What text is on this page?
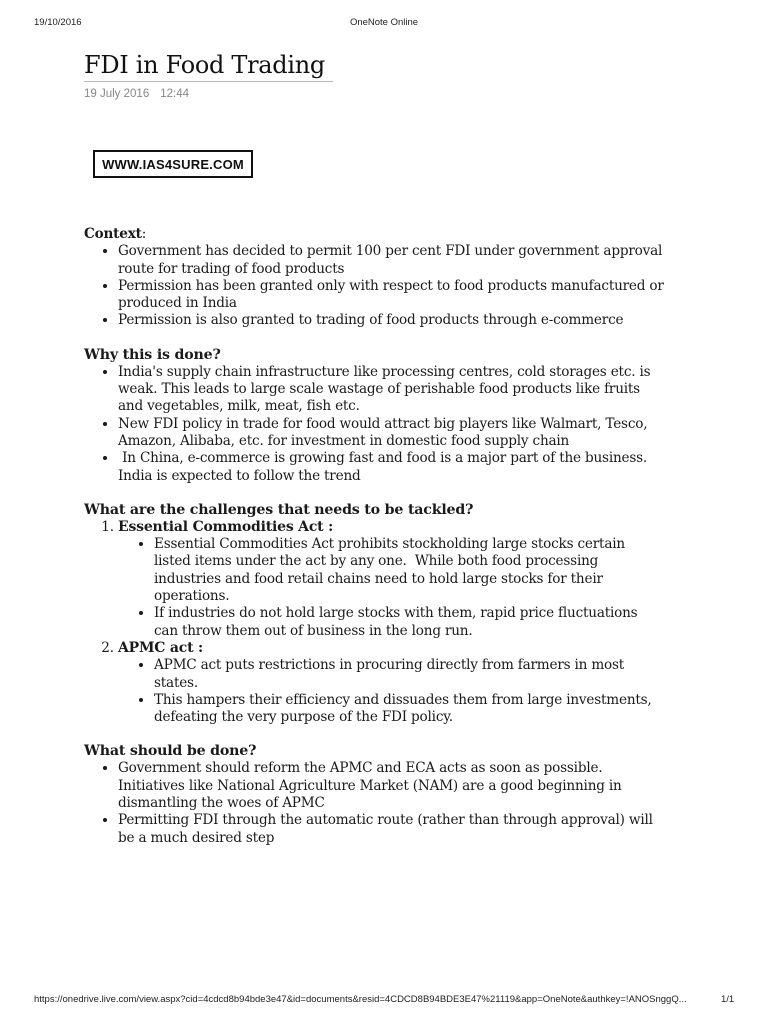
19/10/2016	OneNote Online
FDI in Food Trading
19 July 2016 12:44
WWW.IAS4SURE.COM
Context:
• Government has decided to permit 100 per cent FDI under government approval route for trading of food products
• Permission has been granted only with respect to food products manufactured or produced in India
• Permission is also granted to trading of food products through e-commerce
Why this is done?
• India's supply chain infrastructure like processing centres, cold storages etc. is weak. This leads to large scale wastage of perishable food products like fruits and vegetables, milk, meat, fish etc.
• New FDI policy in trade for food would attract big players like Walmart, Tesco, Amazon, Alibaba, etc. for investment in domestic food supply chain
•  In China, e-commerce is growing fast and food is a major part of the business. India is expected to follow the trend
What are the challenges that needs to be tackled?
1. Essential Commodities Act :
• Essential Commodities Act prohibits stockholding large stocks certain listed items under the act by any one.  While both food processing industries and food retail chains need to hold large stocks for their operations.
• If industries do not hold large stocks with them, rapid price fluctuations can throw them out of business in the long run.
2. APMC act :
• APMC act puts restrictions in procuring directly from farmers in most states.
• This hampers their efficiency and dissuades them from large investments, defeating the very purpose of the FDI policy.
What should be done?
• Government should reform the APMC and ECA acts as soon as possible. Initiatives like National Agriculture Market (NAM) are a good beginning in dismantling the woes of APMC
• Permitting FDI through the automatic route (rather than through approval) will be a much desired step
https://onedrive.live.com/view.aspx?cid=4cdcd8b94bde3e47&id=documents&resid=4CDCD8B94BDE3E47%21119&app=OneNote&authkey=!ANOSnggQ...	1/1
